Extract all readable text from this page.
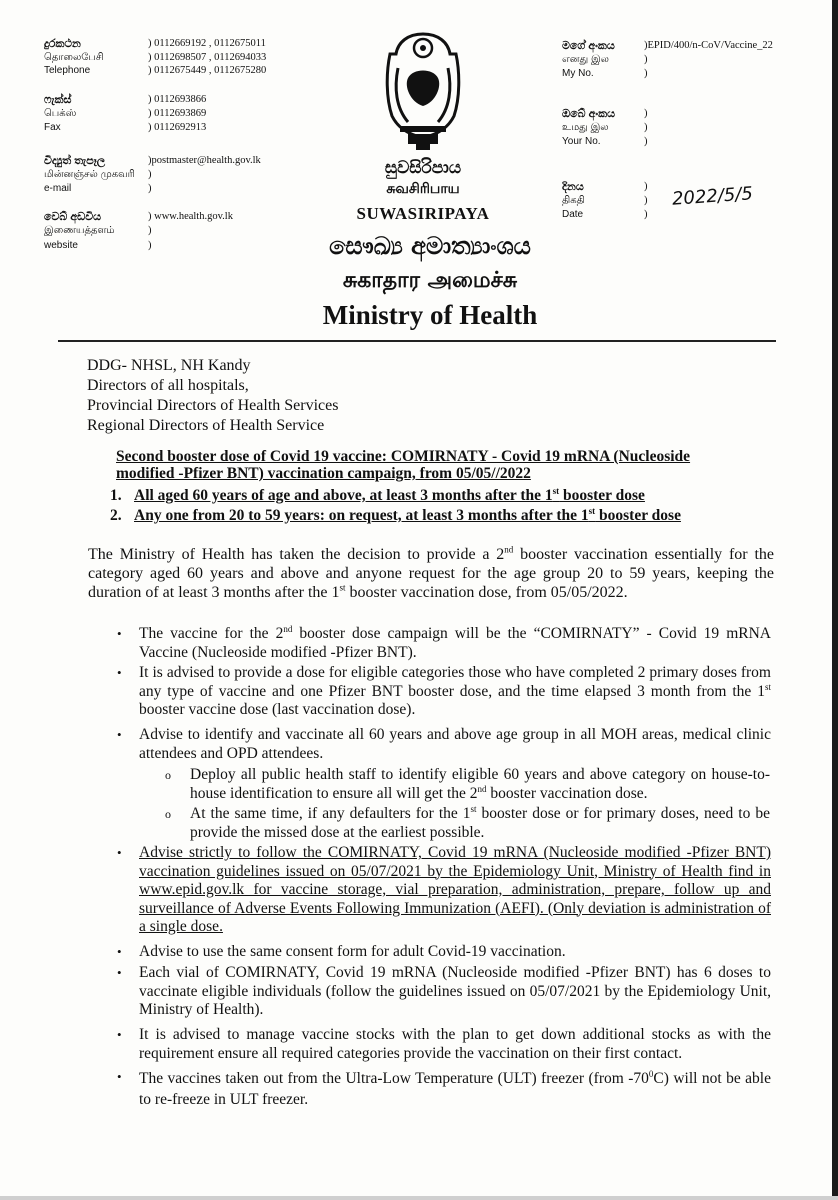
දුරකථන
தொலைபேசி
Telephone
) 0112669192 , 0112675011
) 0112698507 , 0112694033
) 0112675449 , 0112675280
ෆැක්ස්
பெக்ஸ்
Fax
) 0112693866
) 0112693869
) 0112692913
විද්‍යුත් තැපෑල
மின்னஞ்சல் முகவரி
e-mail
)postmaster@health.gov.lk
)
)
වෙබ් අඩවිය
இணையத்தளம்
website
) www.health.gov.lk
)
)
සුවසිරිපාය
சுவசிரிபாய
SUWASIRIPAYA
සෞඛ්‍ය අමාත්‍යාංශය
சுகாதார அமைச்சு
Ministry of Health
මගේ අංකය
எனது இல
My No.
)EPID/400/n-CoV/Vaccine_22
)
)
ඔබේ අංකය
உமது இல
Your No.
)
)
)
දිනය
திகதி
Date
)
)
)
2022/5/5
DDG- NHSL, NH Kandy
Directors of all hospitals,
Provincial Directors of Health Services
Regional Directors of Health Service
Second booster dose of Covid 19 vaccine: COMIRNATY - Covid 19 mRNA (Nucleoside
modified -Pfizer BNT) vaccination campaign, from 05/05//2022
1. All aged 60 years of age and above, at least 3 months after the 1st booster dose
2. Any one from 20 to 59 years: on request, at least 3 months after the 1st booster dose
The Ministry of Health has taken the decision to provide a 2nd booster vaccination essentially for the category aged 60 years and above and anyone request for the age group 20 to 59 years, keeping the duration of at least 3 months after the 1st booster vaccination dose, from 05/05/2022.
• The vaccine for the 2nd booster dose campaign will be the “COMIRNATY” - Covid 19 mRNA Vaccine (Nucleoside modified -Pfizer BNT).
• It is advised to provide a dose for eligible categories those who have completed 2 primary doses from any type of vaccine and one Pfizer BNT booster dose, and the time elapsed 3 month from the 1st booster vaccine dose (last vaccination dose).
• Advise to identify and vaccinate all 60 years and above age group in all MOH areas, medical clinic attendees and OPD attendees.
o Deploy all public health staff to identify eligible 60 years and above category on house-to-house identification to ensure all will get the 2nd booster vaccination dose.
o At the same time, if any defaulters for the 1st booster dose or for primary doses, need to be provide the missed dose at the earliest possible.
• Advise strictly to follow the COMIRNATY, Covid 19 mRNA (Nucleoside modified -Pfizer BNT) vaccination guidelines issued on 05/07/2021 by the Epidemiology Unit, Ministry of Health find in www.epid.gov.lk for vaccine storage, vial preparation, administration, prepare, follow up and surveillance of Adverse Events Following Immunization (AEFI). (Only deviation is administration of a single dose.
• Advise to use the same consent form for adult Covid-19 vaccination.
• Each vial of COMIRNATY, Covid 19 mRNA (Nucleoside modified -Pfizer BNT) has 6 doses to vaccinate eligible individuals (follow the guidelines issued on 05/07/2021 by the Epidemiology Unit, Ministry of Health).
• It is advised to manage vaccine stocks with the plan to get down additional stocks as with the requirement ensure all required categories provide the vaccination on their first contact.
• The vaccines taken out from the Ultra-Low Temperature (ULT) freezer (from $-70^0C$) will not be able to re-freeze in ULT freezer.
